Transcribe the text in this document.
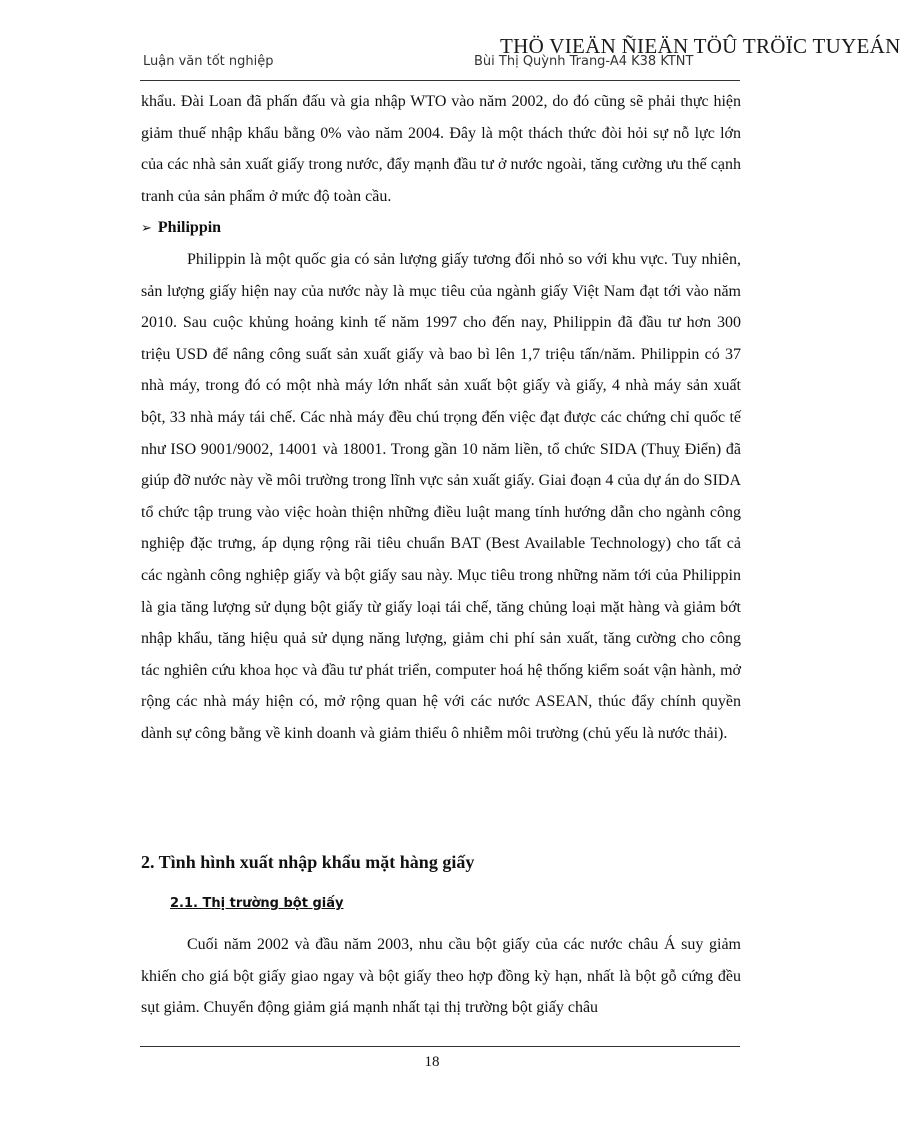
THÖ VIEÄN ÑIEÄN TÖÛ TRÖÏC TUYEÁN
Luận văn tốt nghiệp	Bùi Thị Quỳnh Trang-A4 K38 KTNT

khẩu. Đài Loan đã phấn đấu và gia nhập WTO vào năm 2002, do đó cũng sẽ phải thực hiện giảm thuế nhập khẩu bằng 0% vào năm 2004. Đây là một thách thức đòi hỏi sự nỗ lực lớn của các nhà sản xuất giấy trong nước, đẩy mạnh đầu tư ở nước ngoài, tăng cường ưu thế cạnh tranh của sản phẩm ở mức độ toàn cầu.

➢ Philippin

Philippin là một quốc gia có sản lượng giấy tương đối nhỏ so với khu vực. Tuy nhiên, sản lượng giấy hiện nay của nước này là mục tiêu của ngành giấy Việt Nam đạt tới vào năm 2010. Sau cuộc khủng hoảng kinh tế năm 1997 cho đến nay, Philippin đã đầu tư hơn 300 triệu USD để nâng công suất sản xuất giấy và bao bì lên 1,7 triệu tấn/năm. Philippin có 37 nhà máy, trong đó có một nhà máy lớn nhất sản xuất bột giấy và giấy, 4 nhà máy sản xuất bột, 33 nhà máy tái chế. Các nhà máy đều chú trọng đến việc đạt được các chứng chỉ quốc tế như ISO 9001/9002, 14001 và 18001. Trong gần 10 năm liền, tổ chức SIDA (Thuỵ Điển) đã giúp đỡ nước này về môi trường trong lĩnh vực sản xuất giấy. Giai đoạn 4 của dự án do SIDA tổ chức tập trung vào việc hoàn thiện những điều luật mang tính hướng dẫn cho ngành công nghiệp đặc trưng, áp dụng rộng rãi tiêu chuẩn BAT (Best Available Technology) cho tất cả các ngành công nghiệp giấy và bột giấy sau này. Mục tiêu trong những năm tới của Philippin là gia tăng lượng sử dụng bột giấy từ giấy loại tái chế, tăng chủng loại mặt hàng và giảm bớt nhập khẩu, tăng hiệu quả sử dụng năng lượng, giảm chi phí sản xuất, tăng cường cho công tác nghiên cứu khoa học và đầu tư phát triển, computer hoá hệ thống kiểm soát vận hành, mở rộng các nhà máy hiện có, mở rộng quan hệ với các nước ASEAN, thúc đẩy chính quyền dành sự công bằng về kinh doanh và giảm thiểu ô nhiễm môi trường (chủ yếu là nước thải).

2. Tình hình xuất nhập khẩu mặt hàng giấy
2.1. Thị trường bột giấy

Cuối năm 2002 và đầu năm 2003, nhu cầu bột giấy của các nước châu Á suy giảm khiến cho giá bột giấy giao ngay và bột giấy theo hợp đồng kỳ hạn, nhất là bột gỗ cứng đều sụt giảm. Chuyển động giảm giá mạnh nhất tại thị trường bột giấy châu

18
